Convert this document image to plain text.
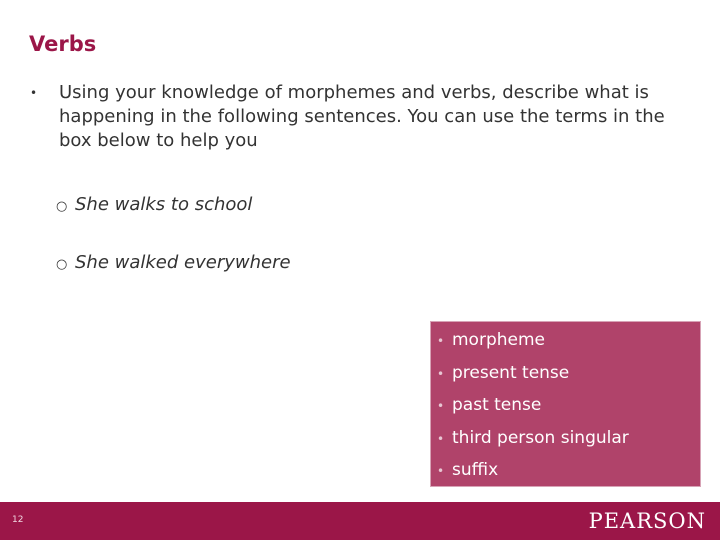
Verbs
• Using your knowledge of morphemes and verbs, describe what is happening in the following sentences. You can use the terms in the box below to help you
○ She walks to school
○ She walked everywhere
• morpheme
• present tense
• past tense
• third person singular
• suffix
12	PEARSON
